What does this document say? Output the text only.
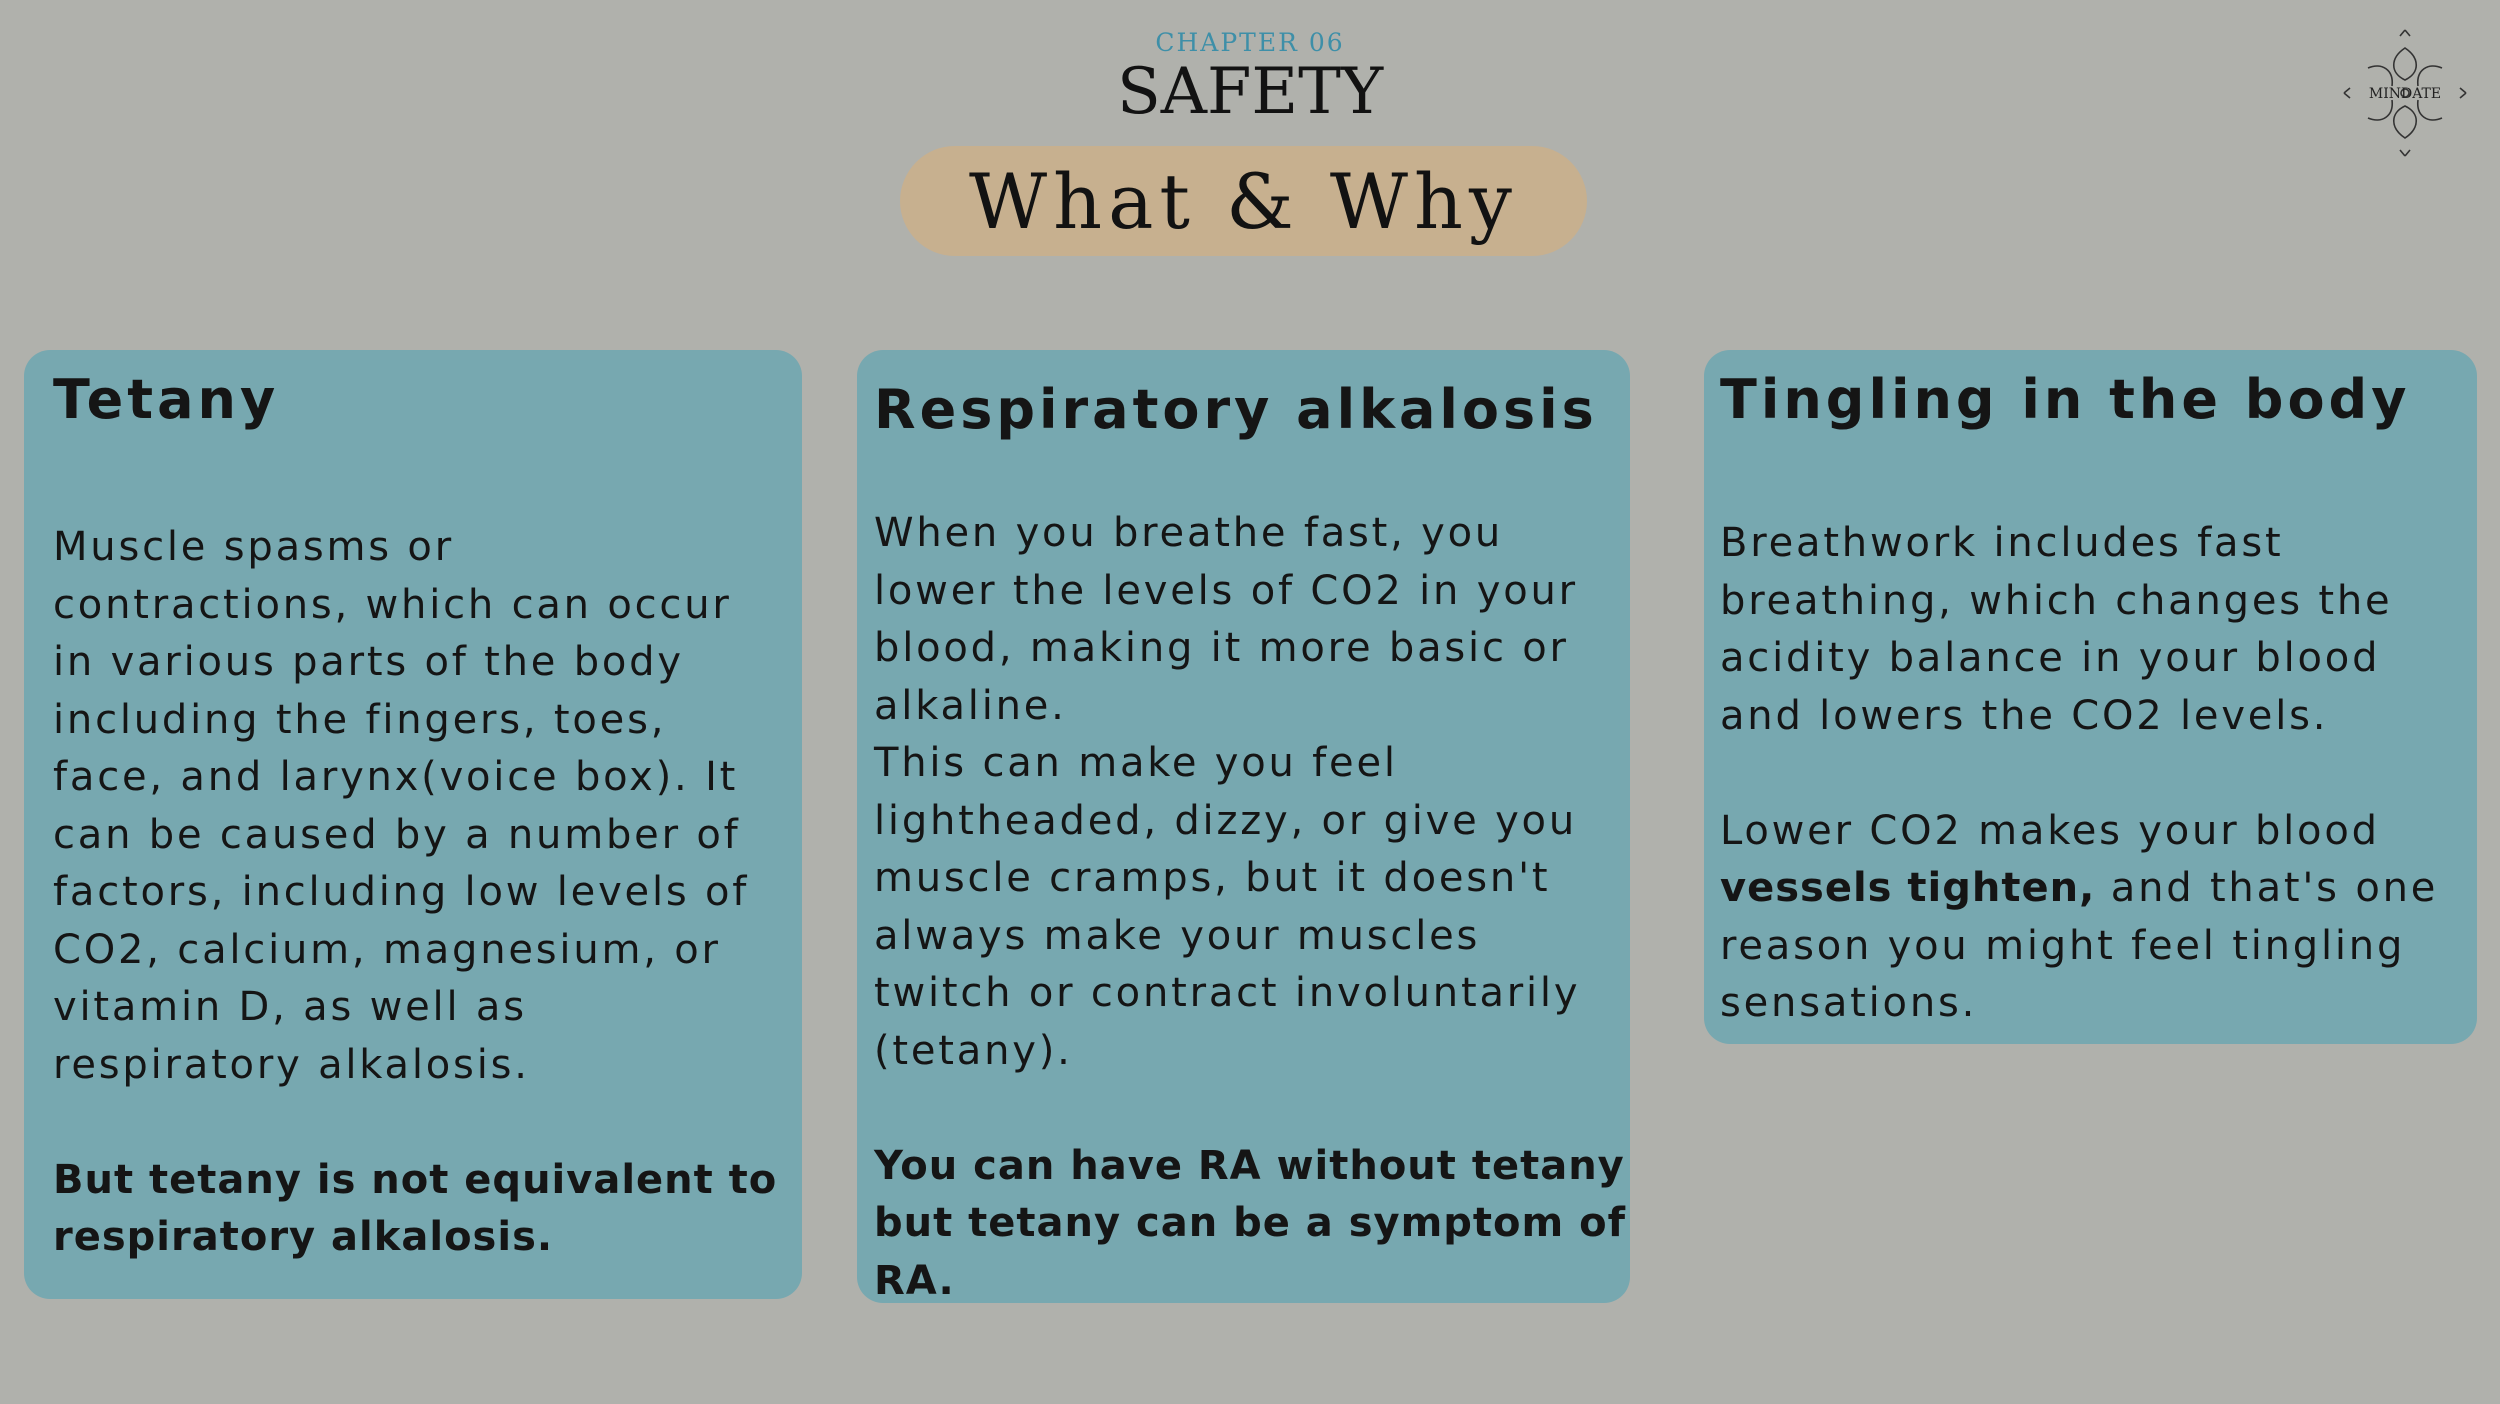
CHAPTER 06
SAFETY
What & Why
MINDATE
Tetany

Muscle spasms or

contractions, which can occur

in various parts of the body

including the fingers, toes,

face, and larynx(voice box). It

can be caused by a number of

factors, including low levels of

CO2, calcium, magnesium, or

vitamin D, as well as

respiratory alkalosis.

But tetany is not equivalent to

respiratory alkalosis.

Respiratory alkalosis

When you breathe fast, you

lower the levels of CO2 in your

blood, making it more basic or

alkaline.

This can make you feel

lightheaded, dizzy, or give you

muscle cramps, but it doesn't

always make your muscles

twitch or contract involuntarily

(tetany).

You can have RA without tetany

but tetany can be a symptom of

RA.

Tingling in the body

Breathwork includes fast

breathing, which changes the

acidity balance in your blood

and lowers the CO2 levels.

Lower CO2 makes your blood

vessels tighten, and that's one

reason you might feel tingling

sensations.
